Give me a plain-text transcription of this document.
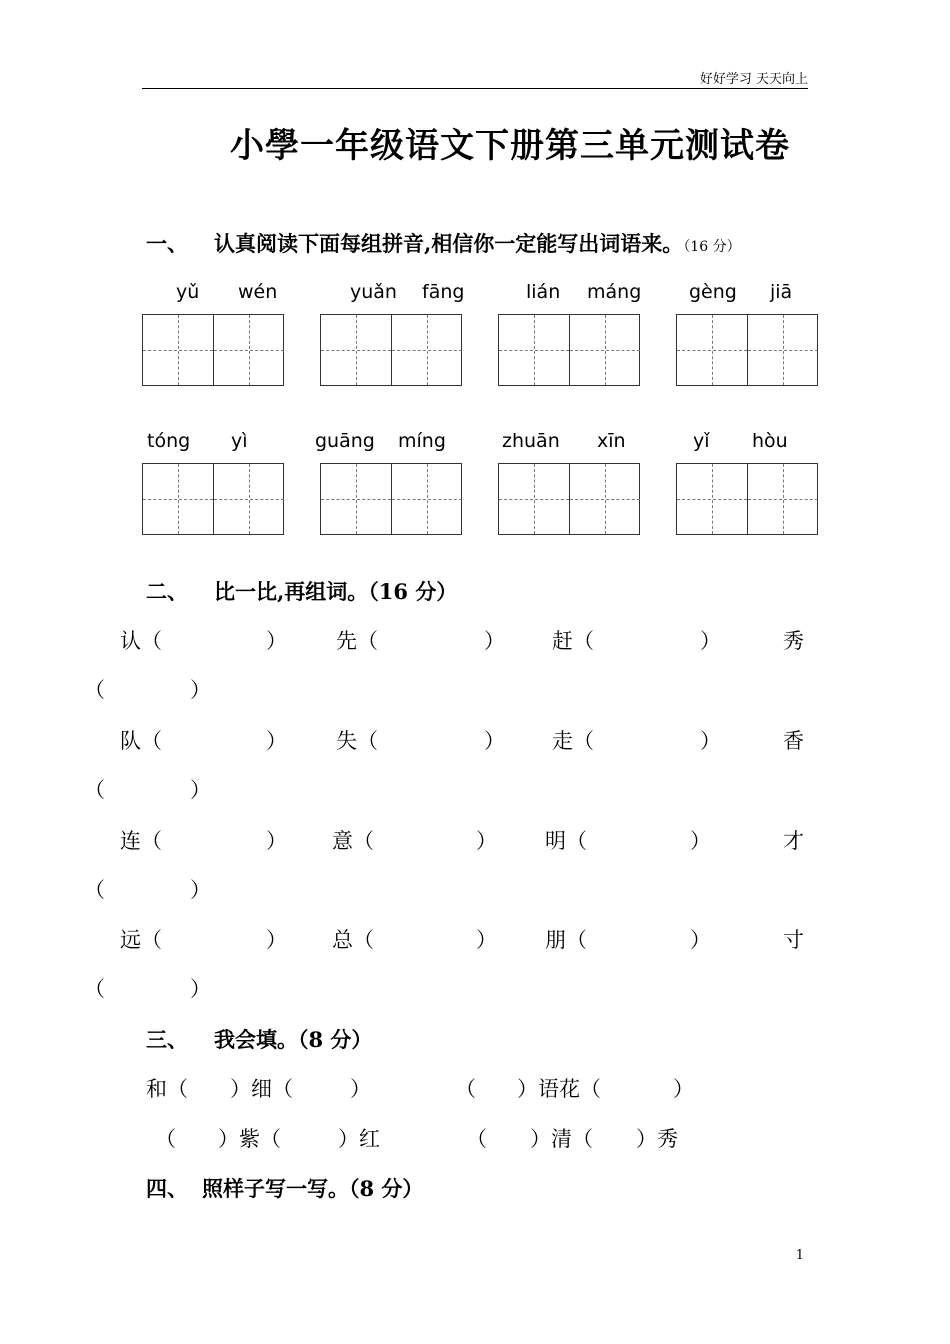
好好学习 天天向上
小學一年级语文下册第三单元测试卷
一、 认真阅读下面每组拼音,相信你一定能写出词语来。（16 分）
yǔ wén	yuǎn fāng	lián máng	gèng jiā
tóng yì	guāng míng	zhuān xīn	yǐ hòu
二、 比一比,再组词。（16 分）
认（	） 先（	） 赶（	）	秀
（	）
队（	） 失（	） 走（	）	香
（	）
连（	） 意（	） 明（	）	才
（	）
远（	） 总（	） 朋（	）	寸
（	）
三、 我会填。（8 分）
和（ ）细（	）	（ ）语花（	）
（ ）紫（	）红	（ ）清（ ）秀
四、 照样子写一写。（8 分）
1
